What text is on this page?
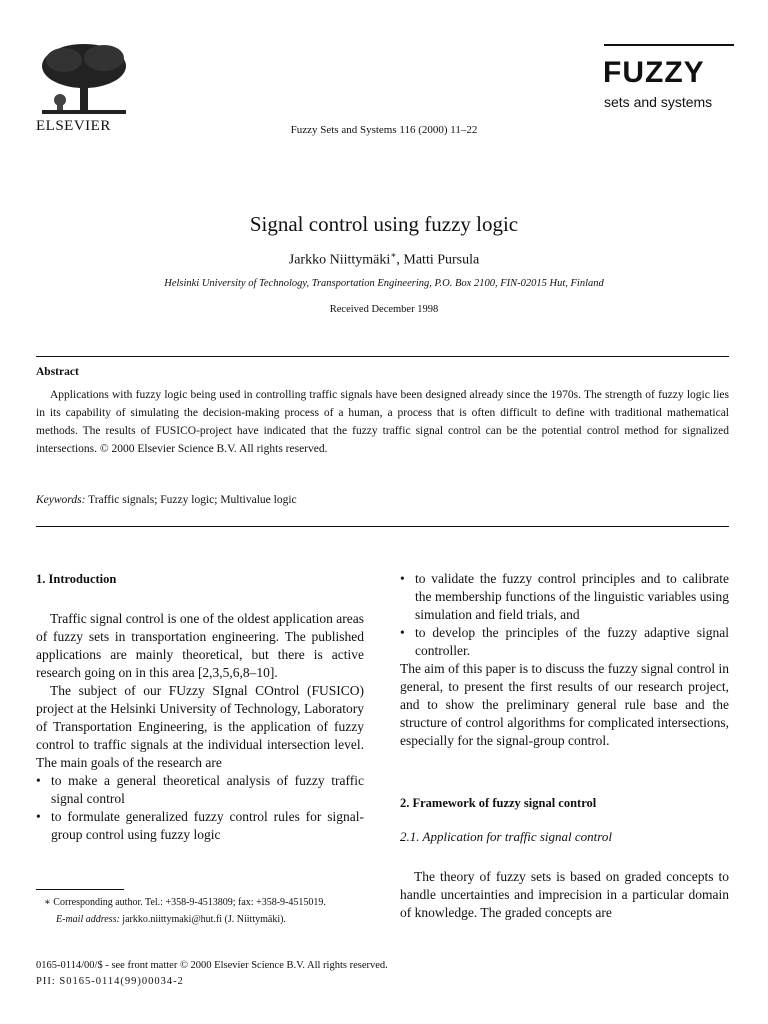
ELSEVIER	Fuzzy Sets and Systems 116 (2000) 11–22
FUZZY
sets and systems
Signal control using fuzzy logic
Jarkko Niittymäki∗, Matti Pursula
Helsinki University of Technology, Transportation Engineering, P.O. Box 2100, FIN-02015 Hut, Finland
Received December 1998
Abstract
Applications with fuzzy logic being used in controlling traffic signals have been designed already since the 1970s. The strength of fuzzy logic lies in its capability of simulating the decision-making process of a human, a process that is often difficult to define with traditional mathematical methods. The results of FUSICO-project have indicated that the fuzzy traffic signal control can be the potential control method for signalized intersections. © 2000 Elsevier Science B.V. All rights reserved.
Keywords: Traffic signals; Fuzzy logic; Multivalue logic
1. Introduction

Traffic signal control is one of the oldest application areas of fuzzy sets in transportation engineering. The published applications are mainly theoretical, but there is active research going on in this area [2,3,5,6,8–10].

The subject of our FUzzy SIgnal COntrol (FUSICO) project at the Helsinki University of Technology, Laboratory of Transportation Engineering, is the application of fuzzy control to traffic signals at the individual intersection level. The main goals of the research are

• to make a general theoretical analysis of fuzzy traffic signal control
• to formulate generalized fuzzy control rules for signal-group control using fuzzy logic
• to validate the fuzzy control principles and to calibrate the membership functions of the linguistic variables using simulation and field trials, and
• to develop the principles of the fuzzy adaptive signal controller.

The aim of this paper is to discuss the fuzzy signal control in general, to present the first results of our research project, and to show the preliminary general rule base and the structure of control algorithms for complicated intersections, especially for the signal-group control.

2. Framework of fuzzy signal control
2.1. Application for traffic signal control

The theory of fuzzy sets is based on graded concepts to handle uncertainties and imprecision in a particular domain of knowledge. The graded concepts are

∗ Corresponding author. Tel.: +358-9-4513809; fax: +358-9-4515019.
E-mail address: jarkko.niittymaki@hut.fi (J. Niittymäki).
0165-0114/00/$ - see front matter © 2000 Elsevier Science B.V. All rights reserved.
PII: S0165-0114(99)00034-2
